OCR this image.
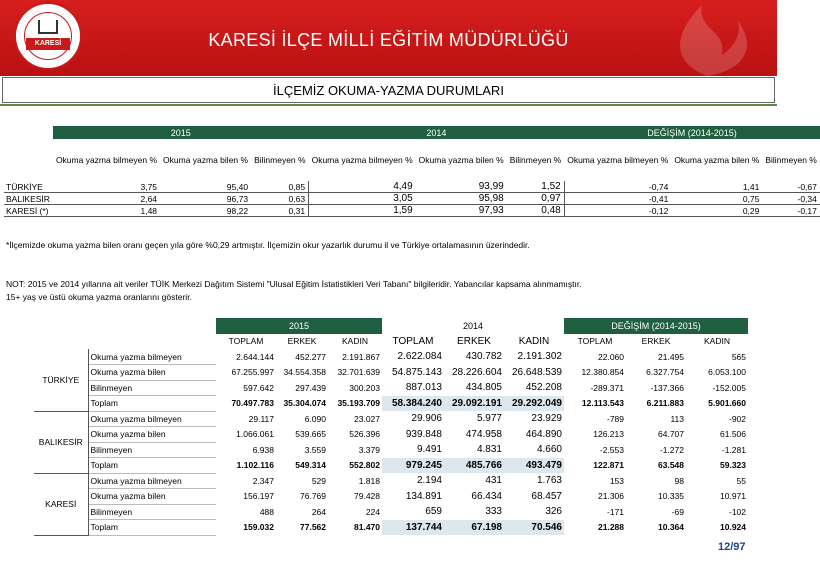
KARESİ	KARESİ İLÇE MİLLİ EĞİTİM MÜDÜRLÜĞÜ
İLÇEMİZ OKUMA-YAZMA DURUMLARI
	2015			2014			DEĞİŞİM (2014-2015)		
	Okuma yazma bilmeyen %	Okuma yazma bilen %	Bilinmeyen %	Okuma yazma bilmeyen %	Okuma yazma bilen %	Bilinmeyen %	Okuma yazma bilmeyen %	Okuma yazma bilen %	Bilinmeyen %
TÜRKİYE	3,75	95,40	0,85	4,49	93,99	1,52	-0,74	1,41	-0,67
BALIKESİR	2,64	96,73	0,63	3,05	95,98	0,97	-0,41	0,75	-0,34
KARESİ (*)	1,48	98,22	0,31	1,59	97,93	0,48	-0,12	0,29	-0,17
*İlçemizde okuma yazma bilen oranı geçen yıla göre %0,29 artmıştır. İlçemizin okur yazarlık durumu il ve Türkiye ortalamasının üzerindedir.
NOT: 2015 ve 2014 yıllarına ait veriler TÜİK Merkezi Dağıtım Sistemi "Ulusal Eğitim İstatistikleri Veri Tabanı" bilgileridir. Yabancılar kapsama alınmamıştır.
15+ yaş ve üstü okuma yazma oranlarını gösterir.
		2015			2014			DEĞİŞİM (2014-2015)		
		TOPLAM	ERKEK	KADIN	TOPLAM	ERKEK	KADIN	TOPLAM	ERKEK	KADIN
TÜRKİYE	Okuma yazma bilmeyen	2.644.144	452.277	2.191.867	2.622.084	430.782	2.191.302	22.060	21.495	565
	Okuma yazma bilen	67.255.997	34.554.358	32.701.639	54.875.143	28.226.604	26.648.539	12.380.854	6.327.754	6.053.100
	Bilinmeyen	597.642	297.439	300.203	887.013	434.805	452.208	-289.371	-137.366	-152.005
	Toplam	70.497.783	35.304.074	35.193.709	58.384.240	29.092.191	29.292.049	12.113.543	6.211.883	5.901.660
BALIKESİR	Okuma yazma bilmeyen	29.117	6.090	23.027	29.906	5.977	23.929	-789	113	-902
	Okuma yazma bilen	1.066.061	539.665	526.396	939.848	474.958	464.890	126.213	64.707	61.506
	Bilinmeyen	6.938	3.559	3.379	9.491	4.831	4.660	-2.553	-1.272	-1.281
	Toplam	1.102.116	549.314	552.802	979.245	485.766	493.479	122.871	63.548	59.323
KARESİ	Okuma yazma bilmeyen	2.347	529	1.818	2.194	431	1.763	153	98	55
	Okuma yazma bilen	156.197	76.769	79.428	134.891	66.434	68.457	21.306	10.335	10.971
	Bilinmeyen	488	264	224	659	333	326	-171	-69	-102
	Toplam	159.032	77.562	81.470	137.744	67.198	70.546	21.288	10.364	10.924
12/97
